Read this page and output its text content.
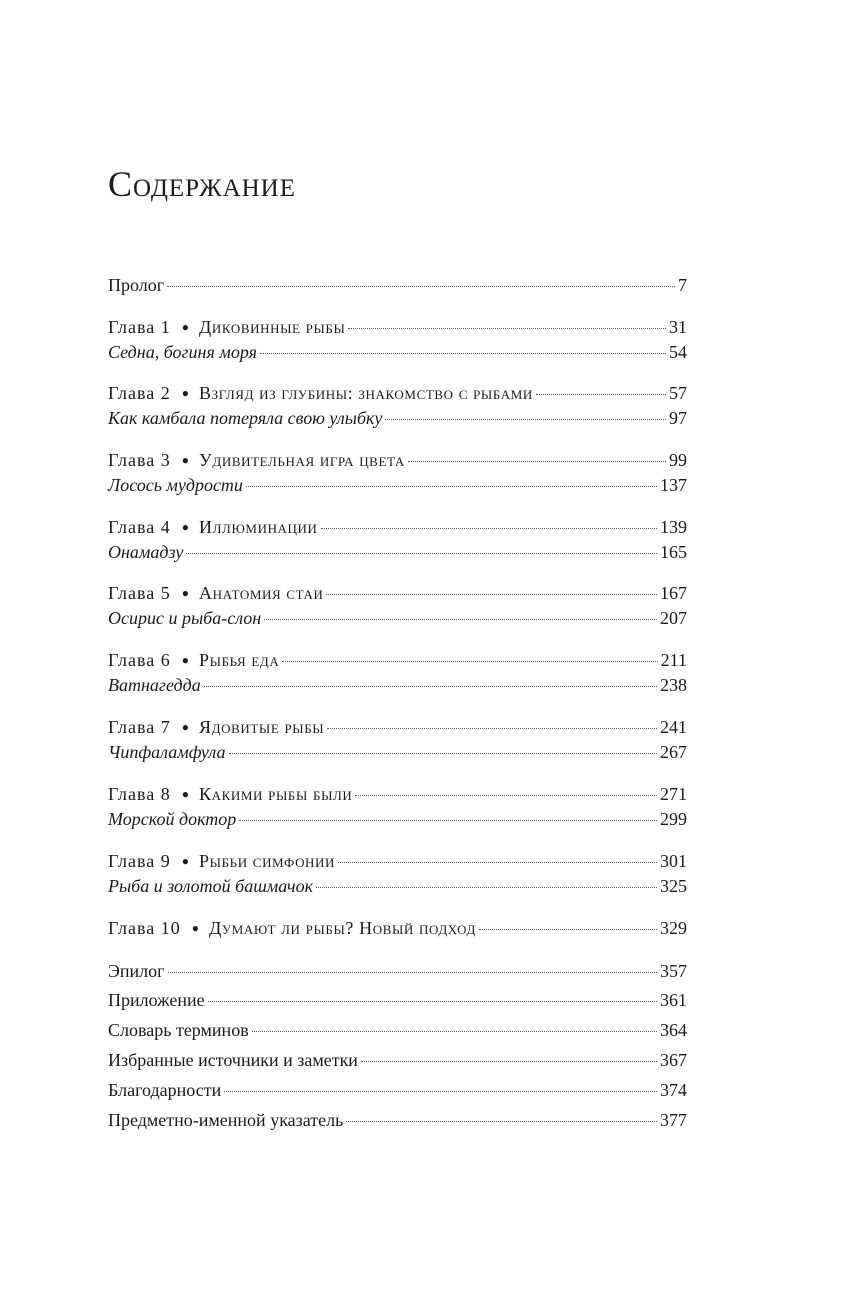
Содержание
Пролог	7
Глава 1 ● Диковинные рыбы	31
Седна, богиня моря	54
Глава 2 ● Взгляд из глубины: знакомство с рыбами	57
Как камбала потеряла свою улыбку	97
Глава 3 ● Удивительная игра цвета	99
Лосось мудрости	137
Глава 4 ● Иллюминации	139
Онамадзу	165
Глава 5 ● Анатомия стаи	167
Осирис и рыба-слон	207
Глава 6 ● Рыбья еда	211
Ватнагедда	238
Глава 7 ● Ядовитые рыбы	241
Чипфаламфула	267
Глава 8 ● Какими рыбы были	271
Морской доктор	299
Глава 9 ● Рыбьи симфонии	301
Рыба и золотой башмачок	325
Глава 10 ● Думают ли рыбы? Новый подход	329
Эпилог	357
Приложение	361
Словарь терминов	364
Избранные источники и заметки	367
Благодарности	374
Предметно-именной указатель	377
